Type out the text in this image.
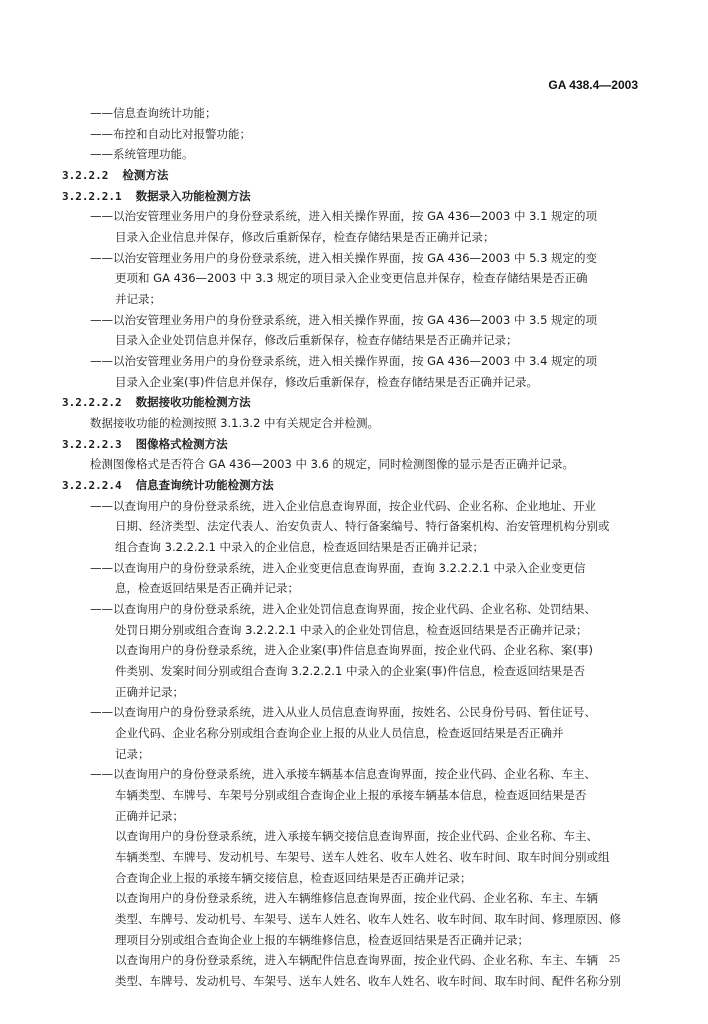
GA 438.4—2003
——信息查询统计功能；
——布控和自动比对报警功能；
——系统管理功能。
3.2.2.2 检测方法
3.2.2.2.1 数据录入功能检测方法
——以治安管理业务用户的身份登录系统，进入相关操作界面，按 GA 436—2003 中 3.1 规定的项
目录入企业信息并保存，修改后重新保存，检查存储结果是否正确并记录；
——以治安管理业务用户的身份登录系统，进入相关操作界面，按 GA 436—2003 中 5.3 规定的变
更项和 GA 436—2003 中 3.3 规定的项目录入企业变更信息并保存，检查存储结果是否正确
并记录；
——以治安管理业务用户的身份登录系统，进入相关操作界面，按 GA 436—2003 中 3.5 规定的项
目录入企业处罚信息并保存，修改后重新保存，检查存储结果是否正确并记录；
——以治安管理业务用户的身份登录系统，进入相关操作界面，按 GA 436—2003 中 3.4 规定的项
目录入企业案(事)件信息并保存，修改后重新保存，检查存储结果是否正确并记录。
3.2.2.2.2 数据接收功能检测方法
数据接收功能的检测按照 3.1.3.2 中有关规定合并检测。
3.2.2.2.3 图像格式检测方法
检测图像格式是否符合 GA 436—2003 中 3.6 的规定，同时检测图像的显示是否正确并记录。
3.2.2.2.4 信息查询统计功能检测方法
——以查询用户的身份登录系统，进入企业信息查询界面，按企业代码、企业名称、企业地址、开业
日期、经济类型、法定代表人、治安负责人、特行备案编号、特行备案机构、治安管理机构分别或
组合查询 3.2.2.2.1 中录入的企业信息，检查返回结果是否正确并记录；
——以查询用户的身份登录系统，进入企业变更信息查询界面，查询 3.2.2.2.1 中录入企业变更信
息，检查返回结果是否正确并记录；
——以查询用户的身份登录系统，进入企业处罚信息查询界面，按企业代码、企业名称、处罚结果、
处罚日期分别或组合查询 3.2.2.2.1 中录入的企业处罚信息，检查返回结果是否正确并记录；
以查询用户的身份登录系统，进入企业案(事)件信息查询界面，按企业代码、企业名称、案(事)
件类别、发案时间分别或组合查询 3.2.2.2.1 中录入的企业案(事)件信息，检查返回结果是否
正确并记录；
——以查询用户的身份登录系统，进入从业人员信息查询界面，按姓名、公民身份号码、暂住证号、
企业代码、企业名称分别或组合查询企业上报的从业人员信息，检查返回结果是否正确并
记录；
——以查询用户的身份登录系统，进入承接车辆基本信息查询界面，按企业代码、企业名称、车主、
车辆类型、车牌号、车架号分别或组合查询企业上报的承接车辆基本信息，检查返回结果是否
正确并记录；
以查询用户的身份登录系统，进入承接车辆交接信息查询界面，按企业代码、企业名称、车主、
车辆类型、车牌号、发动机号、车架号、送车人姓名、收车人姓名、收车时间、取车时间分别或组
合查询企业上报的承接车辆交接信息，检查返回结果是否正确并记录；
以查询用户的身份登录系统，进入车辆维修信息查询界面，按企业代码、企业名称、车主、车辆
类型、车牌号、发动机号、车架号、送车人姓名、收车人姓名、收车时间、取车时间、修理原因、修
理项目分别或组合查询企业上报的车辆维修信息，检查返回结果是否正确并记录；
以查询用户的身份登录系统，进入车辆配件信息查询界面，按企业代码、企业名称、车主、车辆
类型、车牌号、发动机号、车架号、送车人姓名、收车人姓名、收车时间、取车时间、配件名称分别
25
